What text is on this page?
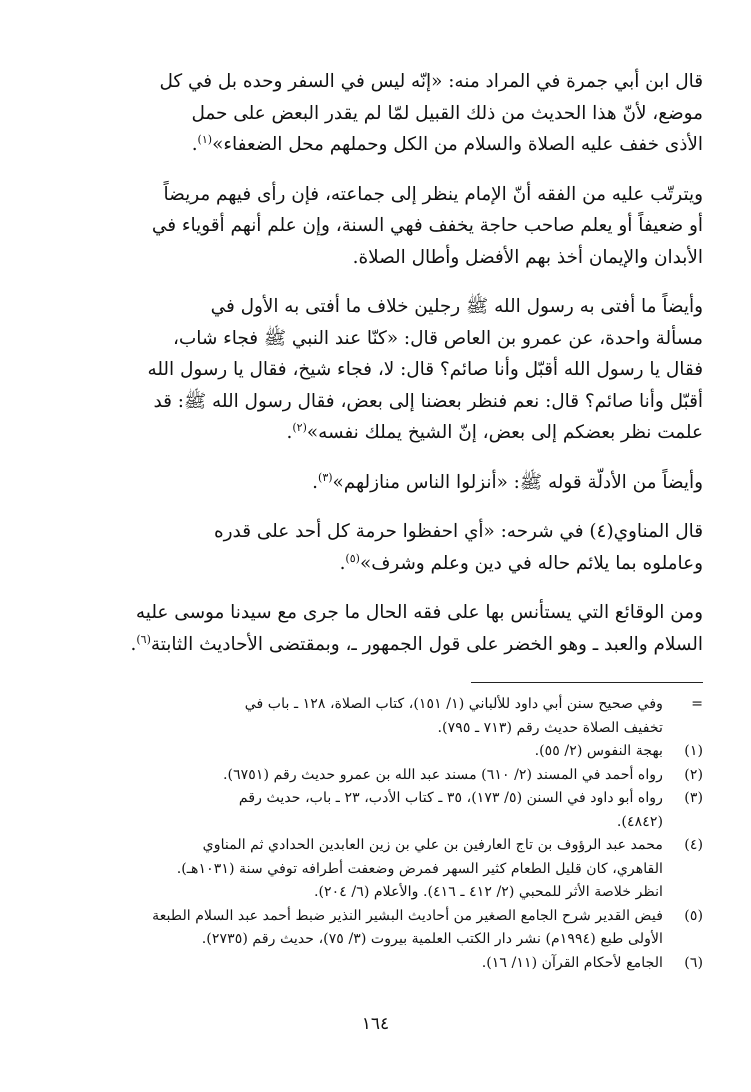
قال ابن أبي جمرة في المراد منه: «إنّه ليس في السفر وحده بل في كل
موضع، لأنّ هذا الحديث من ذلك القبيل لمّا لم يقدر البعض على حمل
الأذى خفف عليه الصلاة والسلام من الكل وحملهم محل الضعفاء»$^{(١)}$.
ويترتّب عليه من الفقه أنّ الإمام ينظر إلى جماعته، فإن رأى فيهم مريضاً
أو ضعيفاً أو يعلم صاحب حاجة يخفف فهي السنة، وإن علم أنهم أقوياء في
الأبدان والإيمان أخذ بهم الأفضل وأطال الصلاة.
وأيضاً ما أفتى به رسول الله ﷺ رجلين خلاف ما أفتى به الأول في
مسألة واحدة، عن عمرو بن العاص قال: «كنّا عند النبي ﷺ فجاء شاب،
فقال يا رسول الله أقبّل وأنا صائم؟ قال: لا، فجاء شيخ، فقال يا رسول الله
أقبّل وأنا صائم؟ قال: نعم فنظر بعضنا إلى بعض، فقال رسول الله ﷺ: قد
علمت نظر بعضكم إلى بعض، إنّ الشيخ يملك نفسه»$^{(٢)}$.
وأيضاً من الأدلّة قوله ﷺ: «أنزلوا الناس منازلهم»$^{(٣)}$.
قال المناوي(٤) في شرحه: «أي احفظوا حرمة كل أحد على قدره
وعاملوه بما يلائم حاله في دين وعلم وشرف»$^{(٥)}$.
ومن الوقائع التي يستأنس بها على فقه الحال ما جرى مع سيدنا موسى عليه
السلام والعبد ـ وهو الخضر على قول الجمهور ـ، وبمقتضى الأحاديث الثابتة$^{(٦)}$.
=
وفي صحيح سنن أبي داود للألباني (١/ ١٥١)، كتاب الصلاة، ١٢٨ ـ باب في
تخفيف الصلاة حديث رقم (٧١٣ ـ ٧٩٥).
(١)
بهجة النفوس (٢/ ٥٥).
(٢)
رواه أحمد في المسند (٢/ ٦١٠) مسند عبد الله بن عمرو حديث رقم (٦٧٥١).
(٣)
رواه أبو داود في السنن (٥/ ١٧٣)، ٣٥ ـ كتاب الأدب، ٢٣ ـ باب، حديث رقم
(٤٨٤٢).
(٤)
محمد عبد الرؤوف بن تاج العارفين بن علي بن زين العابدين الحدادي ثم المناوي
القاهري، كان قليل الطعام كثير السهر فمرض وضعفت أطرافه توفي سنة (١٠٣١هـ).
انظر خلاصة الأثر للمحبي (٢/ ٤١٢ ـ ٤١٦). والأعلام (٦/ ٢٠٤).
(٥)
فيض القدير شرح الجامع الصغير من أحاديث البشير النذير ضبط أحمد عبد السلام الطبعة
الأولى طبع (١٩٩٤م) نشر دار الكتب العلمية بيروت (٣/ ٧٥)، حديث رقم (٢٧٣٥).
(٦)
الجامع لأحكام القرآن (١١/ ١٦).
١٦٤
